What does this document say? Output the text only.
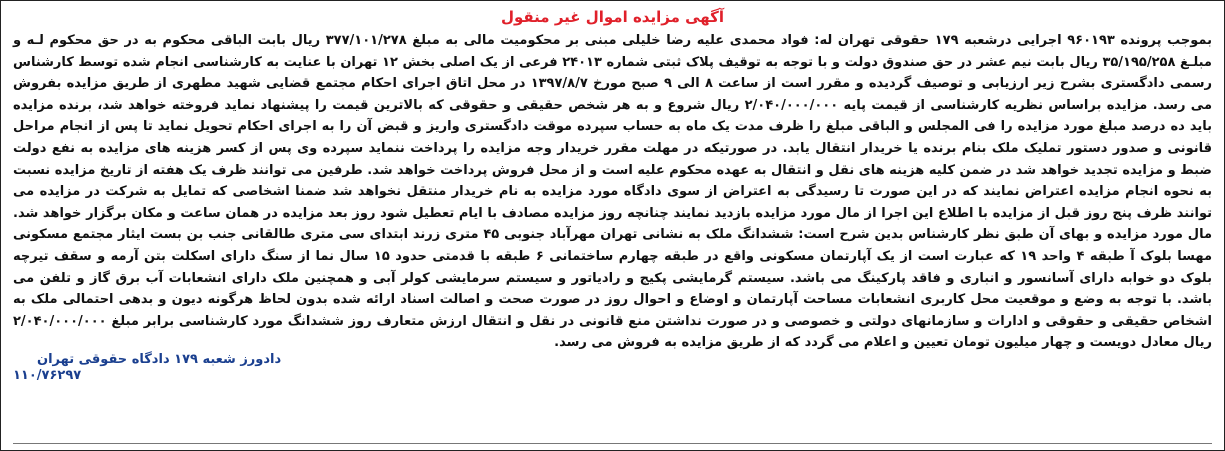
آگهی مزایده اموال غیر منقول

بموجب پرونده ۹۶۰۱۹۳ اجرایی درشعبه ۱۷۹ حقوقی تهران له: فواد محمدی علیه رضا خلیلی مبنی بر محکومیت مالی به مبلغ ۳۷۷/۱۰۱/۲۷۸ ریال بابت الباقی محکوم به در حق محکوم لـه و مبلـغ ۳۵/۱۹۵/۲۵۸ ریال بابت نیم عشر در حق صندوق دولت و با توجه به توقیف پلاک ثبتی شماره ۲۴۰۱۳ فرعی از یک اصلی بخش ۱۲ تهران با عنایت به کارشناسی انجام شده توسط کارشناس رسمی دادگستری بشرح زیر ارزیابی و توصیف گردیده و مقرر است از ساعت ۸ الی ۹ صبح مورخ ۱۳۹۷/۸/۷ در محل اتاق اجرای احکام مجتمع قضایی شهید مطهری از طریق مزایده بفروش می رسد. مزایده براساس نظریه کارشناسی از قیمت پایه ۲/۰۴۰/۰۰۰/۰۰۰ ریال شروع و به هر شخص حقیقی و حقوقی که بالاترین قیمت را پیشنهاد نماید فروخته خواهد شد، برنده مزایده باید ده درصد مبلغ مورد مزایده را فی المجلس و الباقی مبلغ را ظرف مدت یک ماه به حساب سپرده موقت دادگستری واریز و قبض آن را به اجرای احکام تحویل نماید تا پس از انجام مراحل قانونی و صدور دستور تملیک ملک بنام برنده یا خریدار انتقال یابد. در صورتیکه در مهلت مقرر خریدار وجه مزایده را پرداخت ننماید سپرده وی پس از کسر هزینه های مزایده به نفع دولت ضبط و مزایده تجدید خواهد شد در ضمن کلیه هزینه های نقل و انتقال به عهده محکوم علیه است و از محل فروش پرداخت خواهد شد. طرفین می توانند ظرف یک هفته از تاریخ مزایده نسبت به نحوه انجام مزایده اعتراض نمایند که در این صورت تا رسیدگی به اعتراض از سوی دادگاه مورد مزایده به نام خریدار منتقل نخواهد شد ضمنا اشخاصی که تمایل به شرکت در مزایده می توانند ظرف پنج روز قبل از مزایده با اطلاع این اجرا از مال مورد مزایده بازدید نمایند چنانچه روز مزایده مصادف با ایام تعطیل شود روز بعد مزایده در همان ساعت و مکان برگزار خواهد شد. مال مورد مزایده و بهای آن طبق نظر کارشناس بدین شرح است: ششدانگ ملک به نشانی تهران مهرآباد جنوبی ۴۵ متری زرند ابتدای سی متری طالقانی جنب بن بست ایثار مجتمع مسکونی مهسا بلوک آ طبقه ۴ واحد ۱۹ که عبارت است از یک آپارتمان مسکونی واقع در طبقه چهارم ساختمانی ۶ طبقه با قدمتی حدود ۱۵ سال نما از سنگ دارای اسکلت بتن آرمه و سقف تیرچه بلوک دو خوابه دارای آسانسور و انباری و فاقد پارکینگ می باشد. سیستم گرمایشی پکیج و رادیاتور و سیستم سرمایشی کولر آبی و همچنین ملک دارای انشعابات آب برق گاز و تلفن می باشد. با توجه به وضع و موقعیت محل کاربری انشعابات مساحت آپارتمان و اوضاع و احوال روز در صورت صحت و اصالت اسناد ارائه شده بدون لحاظ هرگونه دیون و بدهی احتمالی ملک به اشخاص حقیقی و حقوقی و ادارات و سازمانهای دولتی و خصوصی و در صورت نداشتن منع قانونی در نقل و انتقال ارزش متعارف روز ششدانگ مورد کارشناسی برابر مبلغ ۲/۰۴۰/۰۰۰/۰۰۰ ریال معادل دویست و چهار میلیون تومان تعیین و اعلام می گردد که از طریق مزایده به فروش می رسد.

دادورز شعبه ۱۷۹ دادگاه حقوقی تهران
۱۱۰/۷۶۲۹۷
